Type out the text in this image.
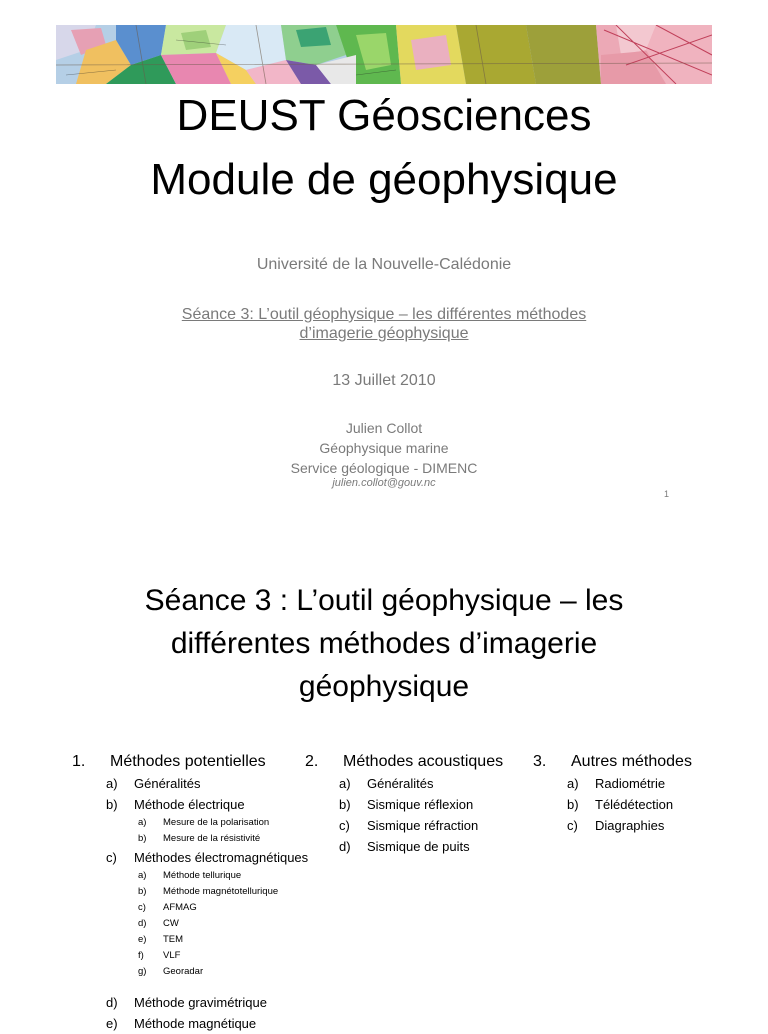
DEUST Géosciences
Module de géophysique
Université de la Nouvelle-Calédonie
Séance 3: L’outil géophysique – les différentes méthodes
d’imagerie géophysique
13 Juillet 2010
Julien Collot
Géophysique marine
Service géologique - DIMENC
julien.collot@gouv.nc
1
Séance 3 : L’outil géophysique – les
différentes méthodes d’imagerie
géophysique
1. Méthodes potentielles
a) Généralités
b) Méthode électrique
a) Mesure de la polarisation
b) Mesure de la résistivité
c) Méthodes électromagnétiques
a) Méthode tellurique
b) Méthode magnétotellurique
c) AFMAG
d) CW
e) TEM
f) VLF
g) Georadar
d) Méthode gravimétrique
e) Méthode magnétique
2. Méthodes acoustiques
a) Généralités
b) Sismique réflexion
c) Sismique réfraction
d) Sismique de puits
3. Autres méthodes
a) Radiométrie
b) Télédétection
c) Diagraphies
